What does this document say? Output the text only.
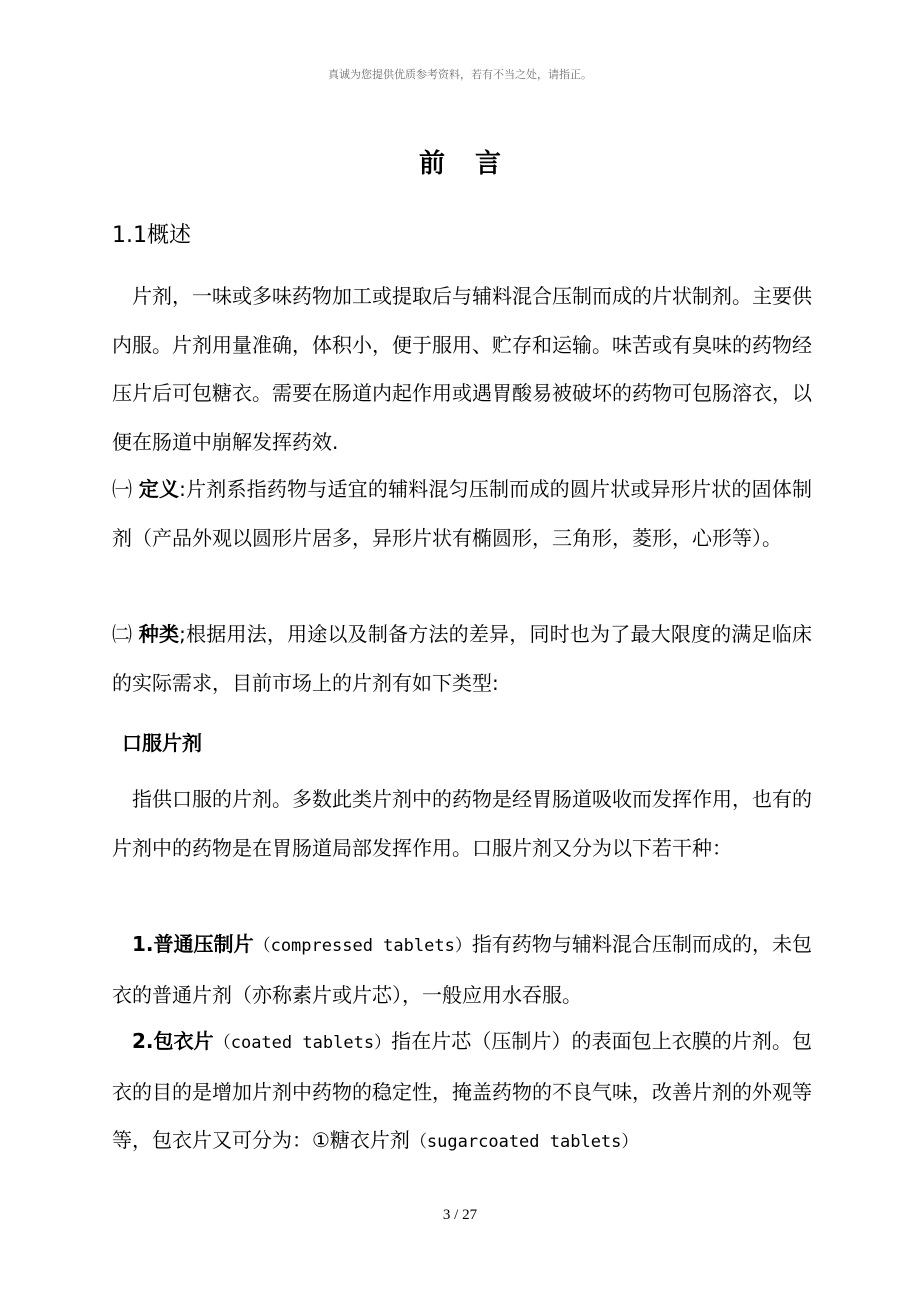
真诚为您提供优质参考资料，若有不当之处，请指正。
前 言
1.1概述

片剂，一味或多味药物加工或提取后与辅料混合压制而成的片状制剂。主要供内服。片剂用量准确，体积小，便于服用、贮存和运输。味苦或有臭味的药物经压片后可包糖衣。需要在肠道内起作用或遇胃酸易被破坏的药物可包肠溶衣，以便在肠道中崩解发挥药效.

㈠ 定义:片剂系指药物与适宜的辅料混匀压制而成的圆片状或异形片状的固体制剂（产品外观以圆形片居多，异形片状有椭圆形，三角形，菱形，心形等）。

㈡ 种类;根据用法，用途以及制备方法的差异，同时也为了最大限度的满足临床的实际需求，目前市场上的片剂有如下类型:

口服片剂

指供口服的片剂。多数此类片剂中的药物是经胃肠道吸收而发挥作用，也有的片剂中的药物是在胃肠道局部发挥作用。口服片剂又分为以下若干种：

1.普通压制片（compressed tablets）指有药物与辅料混合压制而成的，未包衣的普通片剂（亦称素片或片芯），一般应用水吞服。

2.包衣片（coated tablets）指在片芯（压制片）的表面包上衣膜的片剂。包衣的目的是增加片剂中药物的稳定性，掩盖药物的不良气味，改善片剂的外观等等，包衣片又可分为：①糖衣片剂（sugarcoated tablets）

3 / 27
